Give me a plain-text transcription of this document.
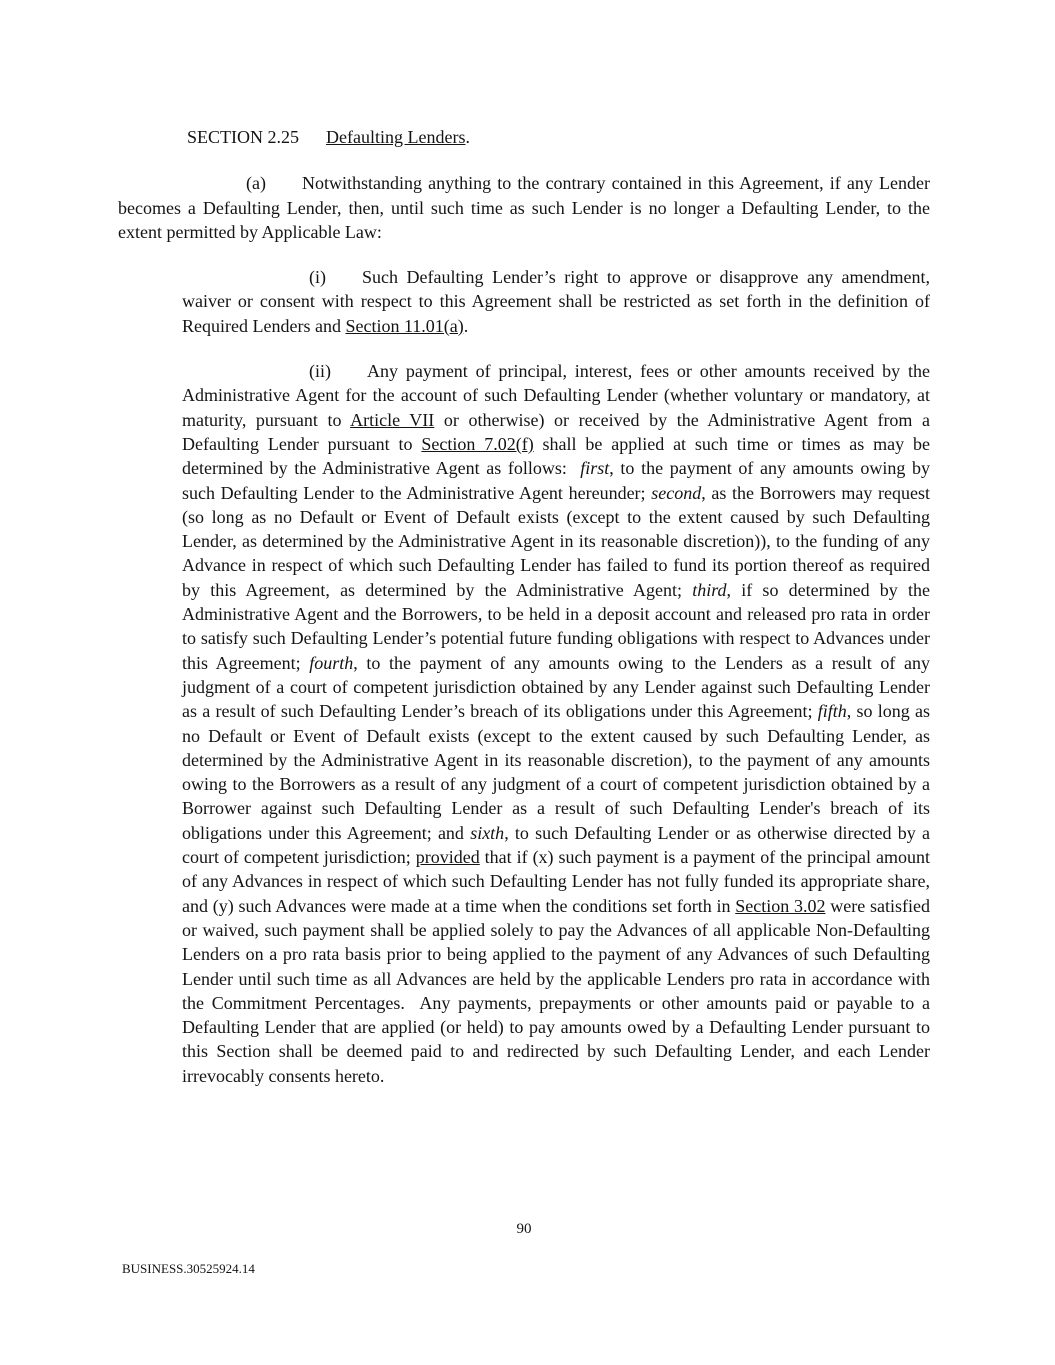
SECTION 2.25 Defaulting Lenders.

(a) Notwithstanding anything to the contrary contained in this Agreement, if any Lender becomes a Defaulting Lender, then, until such time as such Lender is no longer a Defaulting Lender, to the extent permitted by Applicable Law:

(i) Such Defaulting Lender’s right to approve or disapprove any amendment, waiver or consent with respect to this Agreement shall be restricted as set forth in the definition of Required Lenders and Section 11.01(a).

(ii) Any payment of principal, interest, fees or other amounts received by the Administrative Agent for the account of such Defaulting Lender (whether voluntary or mandatory, at maturity, pursuant to Article VII or otherwise) or received by the Administrative Agent from a Defaulting Lender pursuant to Section 7.02(f) shall be applied at such time or times as may be determined by the Administrative Agent as follows:  first, to the payment of any amounts owing by such Defaulting Lender to the Administrative Agent hereunder; second, as the Borrowers may request (so long as no Default or Event of Default exists (except to the extent caused by such Defaulting Lender, as determined by the Administrative Agent in its reasonable discretion)), to the funding of any Advance in respect of which such Defaulting Lender has failed to fund its portion thereof as required by this Agreement, as determined by the Administrative Agent; third, if so determined by the Administrative Agent and the Borrowers, to be held in a deposit account and released pro rata in order to satisfy such Defaulting Lender’s potential future funding obligations with respect to Advances under this Agreement; fourth, to the payment of any amounts owing to the Lenders as a result of any judgment of a court of competent jurisdiction obtained by any Lender against such Defaulting Lender as a result of such Defaulting Lender’s breach of its obligations under this Agreement; fifth, so long as no Default or Event of Default exists (except to the extent caused by such Defaulting Lender, as determined by the Administrative Agent in its reasonable discretion), to the payment of any amounts owing to the Borrowers as a result of any judgment of a court of competent jurisdiction obtained by a Borrower against such Defaulting Lender as a result of such Defaulting Lender's breach of its obligations under this Agreement; and sixth, to such Defaulting Lender or as otherwise directed by a court of competent jurisdiction; provided that if (x) such payment is a payment of the principal amount of any Advances in respect of which such Defaulting Lender has not fully funded its appropriate share, and (y) such Advances were made at a time when the conditions set forth in Section 3.02 were satisfied or waived, such payment shall be applied solely to pay the Advances of all applicable Non-Defaulting Lenders on a pro rata basis prior to being applied to the payment of any Advances of such Defaulting Lender until such time as all Advances are held by the applicable Lenders pro rata in accordance with the Commitment Percentages.  Any payments, prepayments or other amounts paid or payable to a Defaulting Lender that are applied (or held) to pay amounts owed by a Defaulting Lender pursuant to this Section shall be deemed paid to and redirected by such Defaulting Lender, and each Lender irrevocably consents hereto.

90
BUSINESS.30525924.14
